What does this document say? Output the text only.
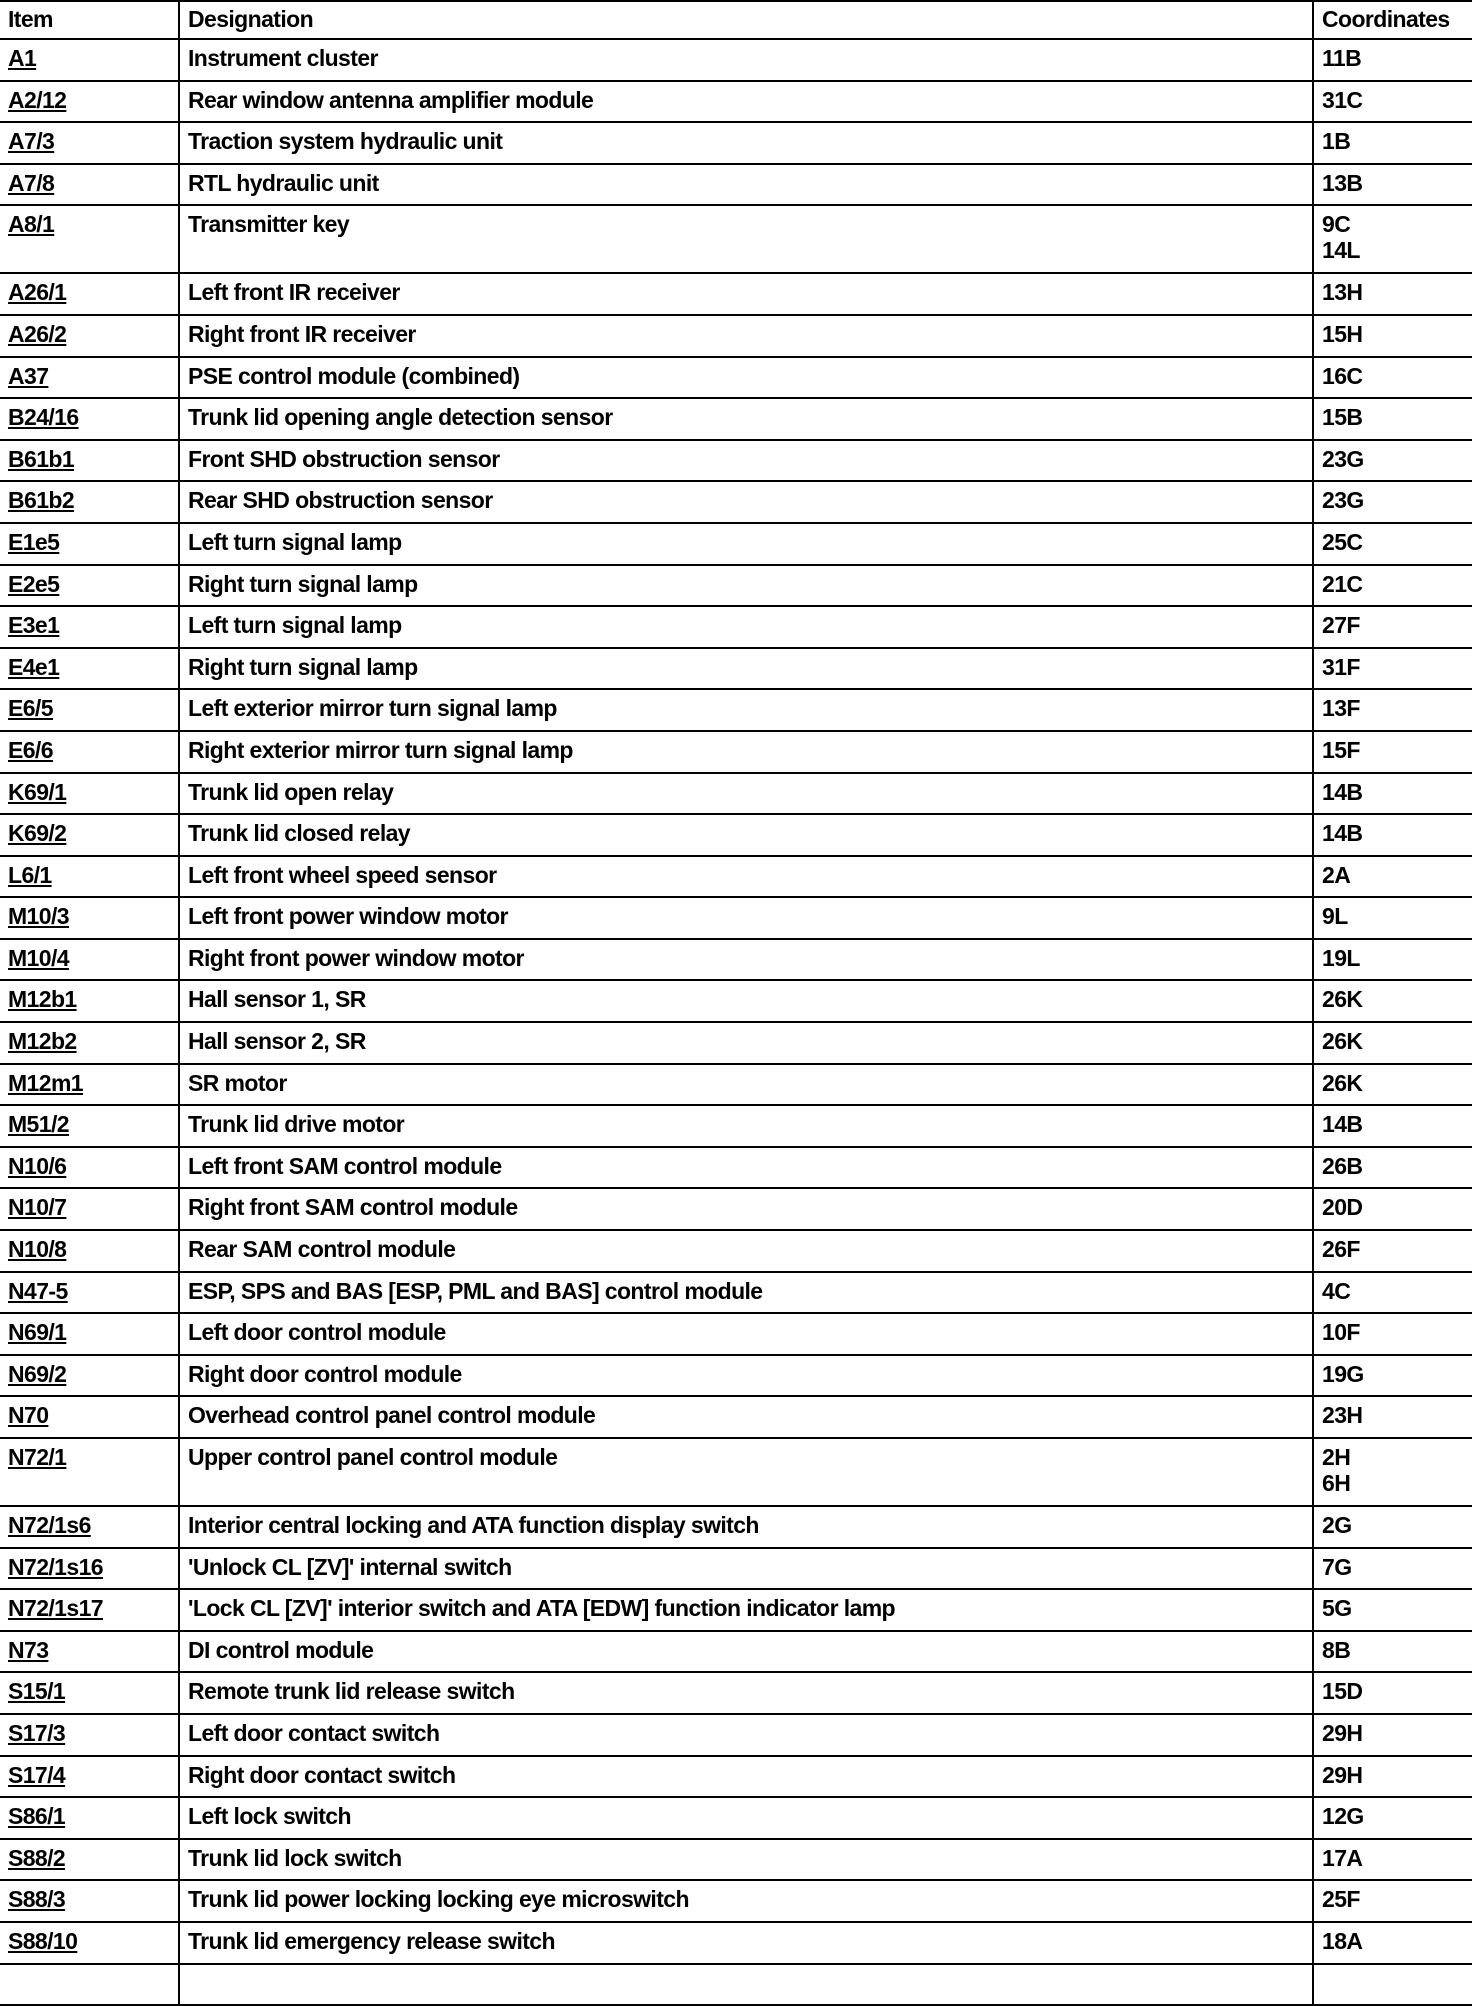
Item	Designation	Coordinates
A1	Instrument cluster	11B

A2/12	Rear window antenna amplifier module	31C

A7/3	Traction system hydraulic unit	1B

A7/8	RTL hydraulic unit	13B

A8/1	Transmitter key	9C
14L

A26/1	Left front IR receiver	13H

A26/2	Right front IR receiver	15H

A37	PSE control module (combined)	16C

B24/16	Trunk lid opening angle detection sensor	15B

B61b1	Front SHD obstruction sensor	23G

B61b2	Rear SHD obstruction sensor	23G

E1e5	Left turn signal lamp	25C

E2e5	Right turn signal lamp	21C

E3e1	Left turn signal lamp	27F

E4e1	Right turn signal lamp	31F

E6/5	Left exterior mirror turn signal lamp	13F

E6/6	Right exterior mirror turn signal lamp	15F

K69/1	Trunk lid open relay	14B

K69/2	Trunk lid closed relay	14B

L6/1	Left front wheel speed sensor	2A

M10/3	Left front power window motor	9L

M10/4	Right front power window motor	19L

M12b1	Hall sensor 1, SR	26K

M12b2	Hall sensor 2, SR	26K

M12m1	SR motor	26K

M51/2	Trunk lid drive motor	14B

N10/6	Left front SAM control module	26B

N10/7	Right front SAM control module	20D

N10/8	Rear SAM control module	26F

N47-5	ESP, SPS and BAS [ESP, PML and BAS] control module	4C

N69/1	Left door control module	10F

N69/2	Right door control module	19G

N70	Overhead control panel control module	23H

N72/1	Upper control panel control module	2H
6H

N72/1s6	Interior central locking and ATA function display switch	2G

N72/1s16	'Unlock CL [ZV]' internal switch	7G

N72/1s17	'Lock CL [ZV]' interior switch and ATA [EDW] function indicator lamp	5G

N73	DI control module	8B

S15/1	Remote trunk lid release switch	15D

S17/3	Left door contact switch	29H

S17/4	Right door contact switch	29H

S86/1	Left lock switch	12G

S88/2	Trunk lid lock switch	17A

S88/3	Trunk lid power locking locking eye microswitch	25F

S88/10	Trunk lid emergency release switch	18A
